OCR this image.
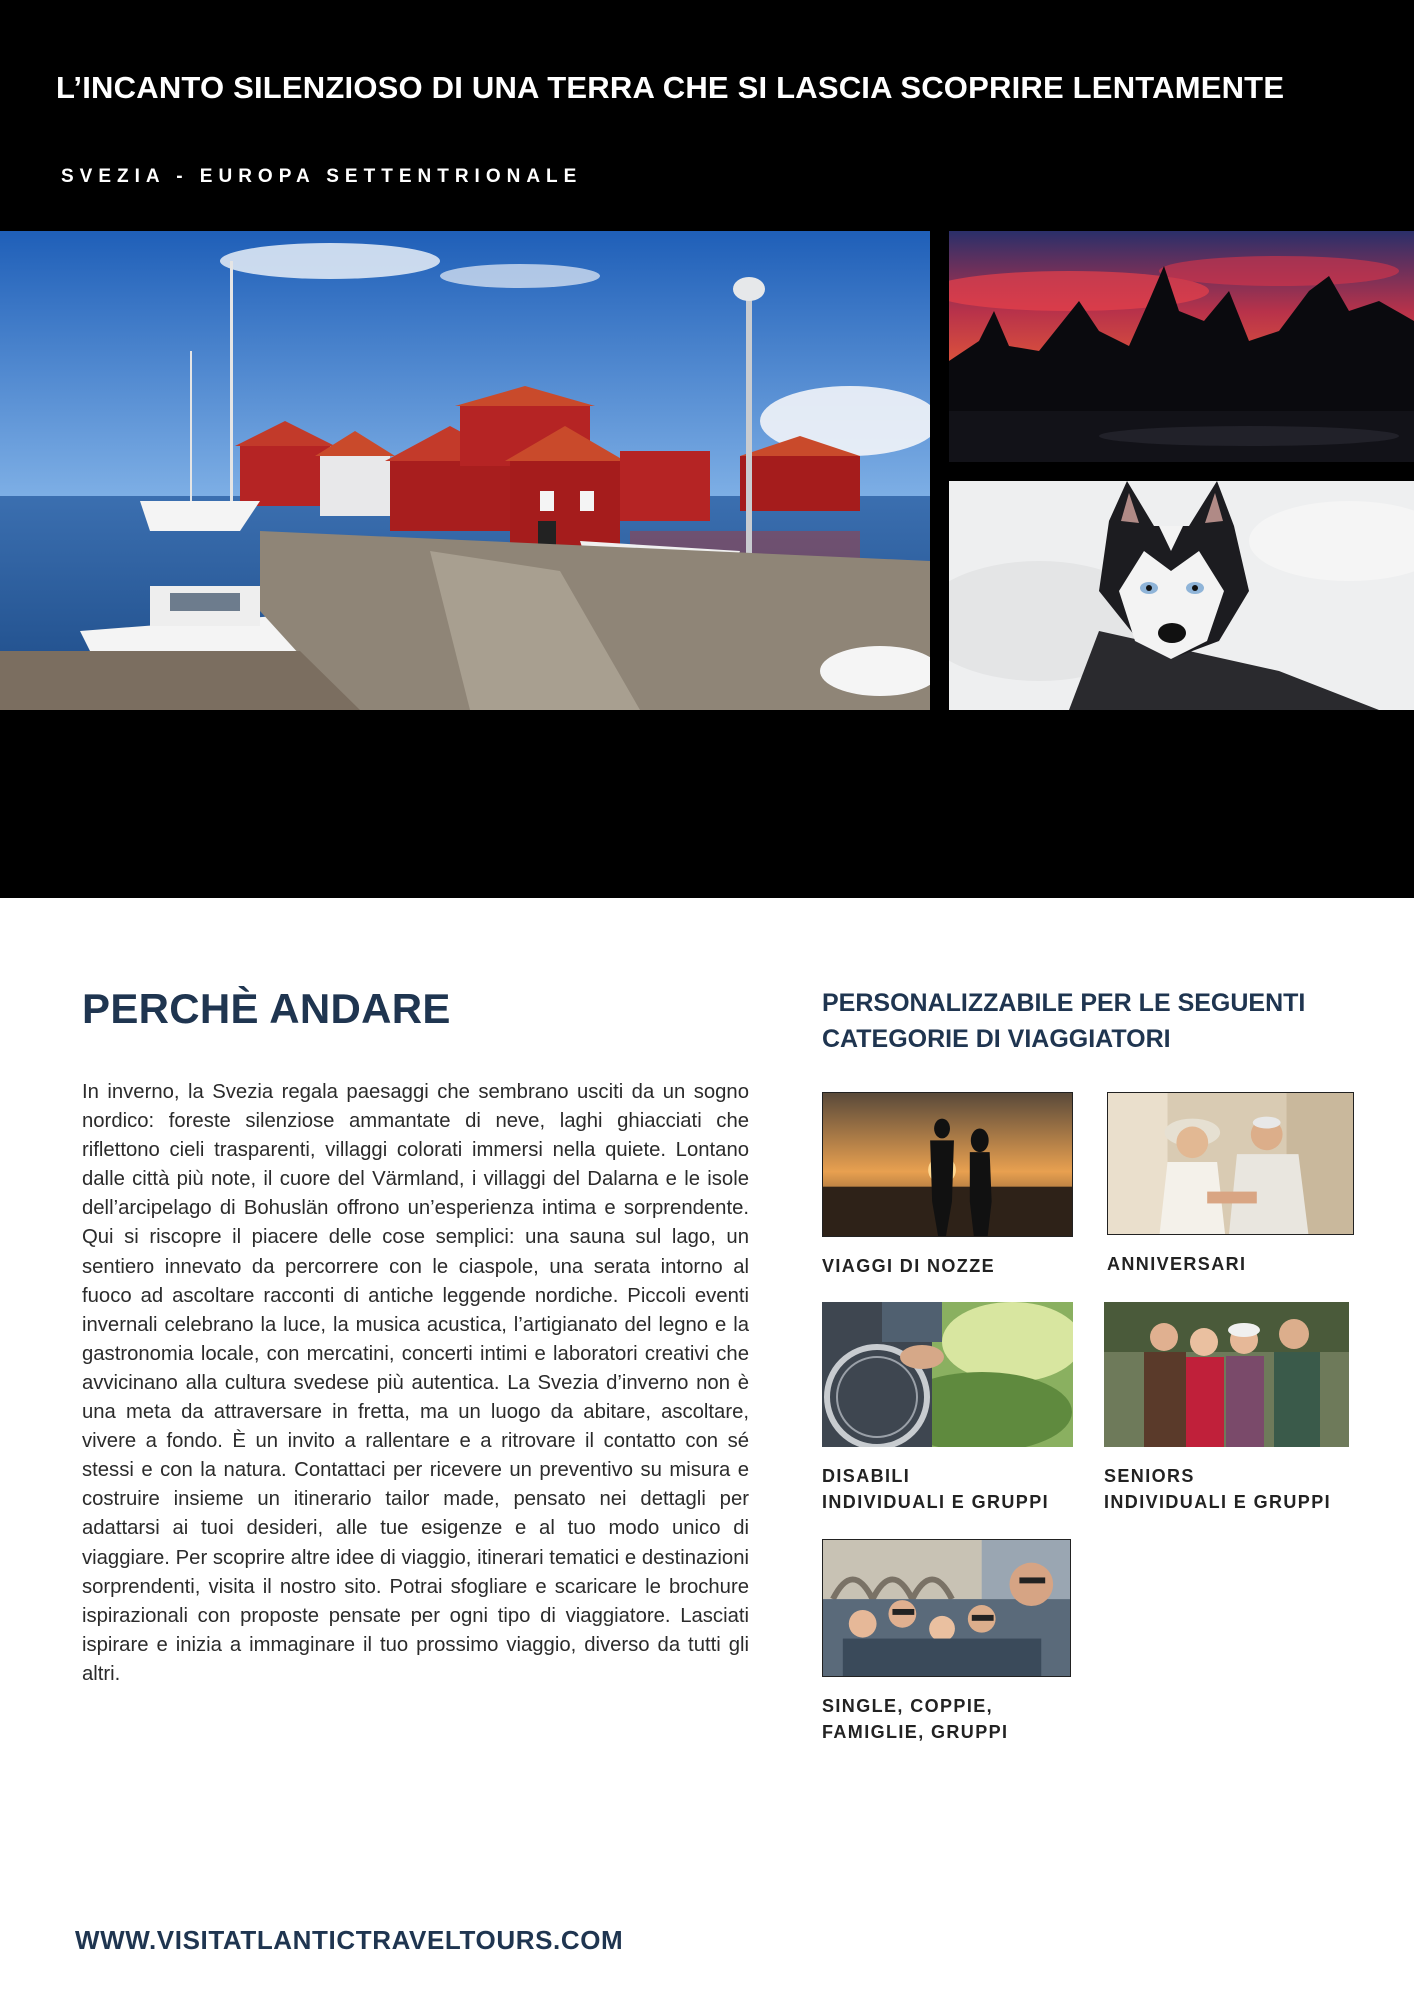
L’INCANTO SILENZIOSO DI UNA TERRA CHE SI LASCIA SCOPRIRE LENTAMENTE
SVEZIA - EUROPA SETTENTRIONALE
PERCHÈ ANDARE

In inverno, la Svezia regala paesaggi che sembrano usciti da un sogno nordico: foreste silenziose ammantate di neve, laghi ghiacciati che riflettono cieli trasparenti, villaggi colorati immersi nella quiete. Lontano dalle città più note, il cuore del Värmland, i villaggi del Dalarna e le isole dell’arcipelago di Bohuslän offrono un’esperienza intima e sorprendente. Qui si riscopre il piacere delle cose semplici: una sauna sul lago, un sentiero innevato da percorrere con le ciaspole, una serata intorno al fuoco ad ascoltare racconti di antiche leggende nordiche. Piccoli eventi invernali celebrano la luce, la musica acustica, l’artigianato del legno e la gastronomia locale, con mercatini, concerti intimi e laboratori creativi che avvicinano alla cultura svedese più autentica. La Svezia d’inverno non è una meta da attraversare in fretta, ma un luogo da abitare, ascoltare, vivere a fondo. È un invito a rallentare e a ritrovare il contatto con sé stessi e con la natura. Contattaci per ricevere un preventivo su misura e costruire insieme un itinerario tailor made, pensato nei dettagli per adattarsi ai tuoi desideri, alle tue esigenze e al tuo modo unico di viaggiare. Per scoprire altre idee di viaggio, itinerari tematici e destinazioni sorprendenti, visita il nostro sito. Potrai sfogliare e scaricare le brochure ispirazionali con proposte pensate per ogni tipo di viaggiatore. Lasciati ispirare e inizia a immaginare il tuo prossimo viaggio, diverso da tutti gli altri.

PERSONALIZZABILE PER LE SEGUENTI CATEGORIE DI VIAGGIATORI
VIAGGI DI NOZZE	ANNIVERSARI
DISABILI
INDIVIDUALI E GRUPPI
SENIORS
INDIVIDUALI E GRUPPI
SINGLE, COPPIE,
FAMIGLIE, GRUPPI
WWW.VISITATLANTICTRAVELTOURS.COM
